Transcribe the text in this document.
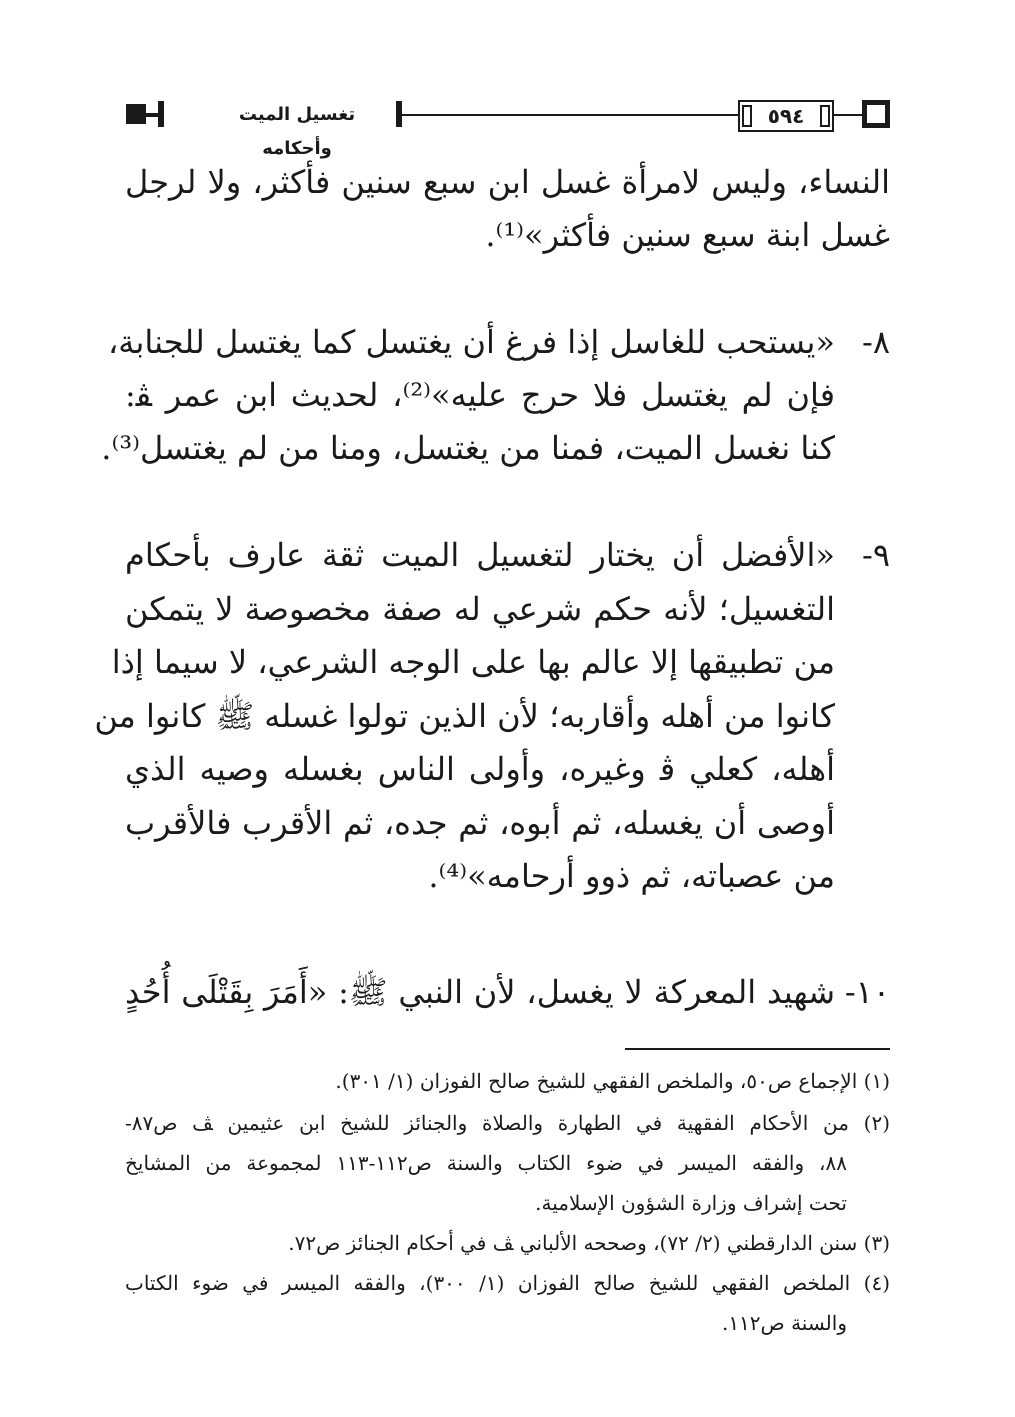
تغسيل الميت وأحكامه
٥٩٤
النساء، وليس لامرأة غسل ابن سبع سنين فأكثر، ولا لرجل
غسل ابنة سبع سنين فأكثر»⁽¹⁾.
٨-
«يستحب للغاسل إذا فرغ أن يغتسل كما يغتسل للجنابة،
فإن لم يغتسل فلا حرج عليه»⁽²⁾، لحديث ابن عمر ﭭ:
كنا نغسل الميت، فمنا من يغتسل، ومنا من لم يغتسل⁽³⁾.
٩-
«الأفضل أن يختار لتغسيل الميت ثقة عارف بأحكام
التغسيل؛ لأنه حكم شرعي له صفة مخصوصة لا يتمكن
من تطبيقها إلا عالم بها على الوجه الشرعي، لا سيما إذا
كانوا من أهله وأقاربه؛ لأن الذين تولوا غسله ﷺ كانوا من
أهله، كعلي ﭬ وغيره، وأولى الناس بغسله وصيه الذي
أوصى أن يغسله، ثم أبوه، ثم جده، ثم الأقرب فالأقرب
من عصباته، ثم ذوو أرحامه»⁽⁴⁾.
١٠-
شهيد المعركة لا يغسل، لأن النبي ﷺ: «أَمَرَ بِقَتْلَى أُحُدٍ
(١) الإجماع ص٥٠، والملخص الفقهي للشيخ صالح الفوزان (١/ ٣٠١).
(٢) من الأحكام الفقهية في الطهارة والصلاة والجنائز للشيخ ابن عثيمين ﭫ ص٨٧-
٨٨، والفقه الميسر في ضوء الكتاب والسنة ص١١٢-١١٣ لمجموعة من المشايخ
تحت إشراف وزارة الشؤون الإسلامية.
(٣) سنن الدارقطني (٢/ ٧٢)، وصححه الألباني ﭫ في أحكام الجنائز ص٧٢.
(٤) الملخص الفقهي للشيخ صالح الفوزان (١/ ٣٠٠)، والفقه الميسر في ضوء الكتاب
والسنة ص١١٢.
